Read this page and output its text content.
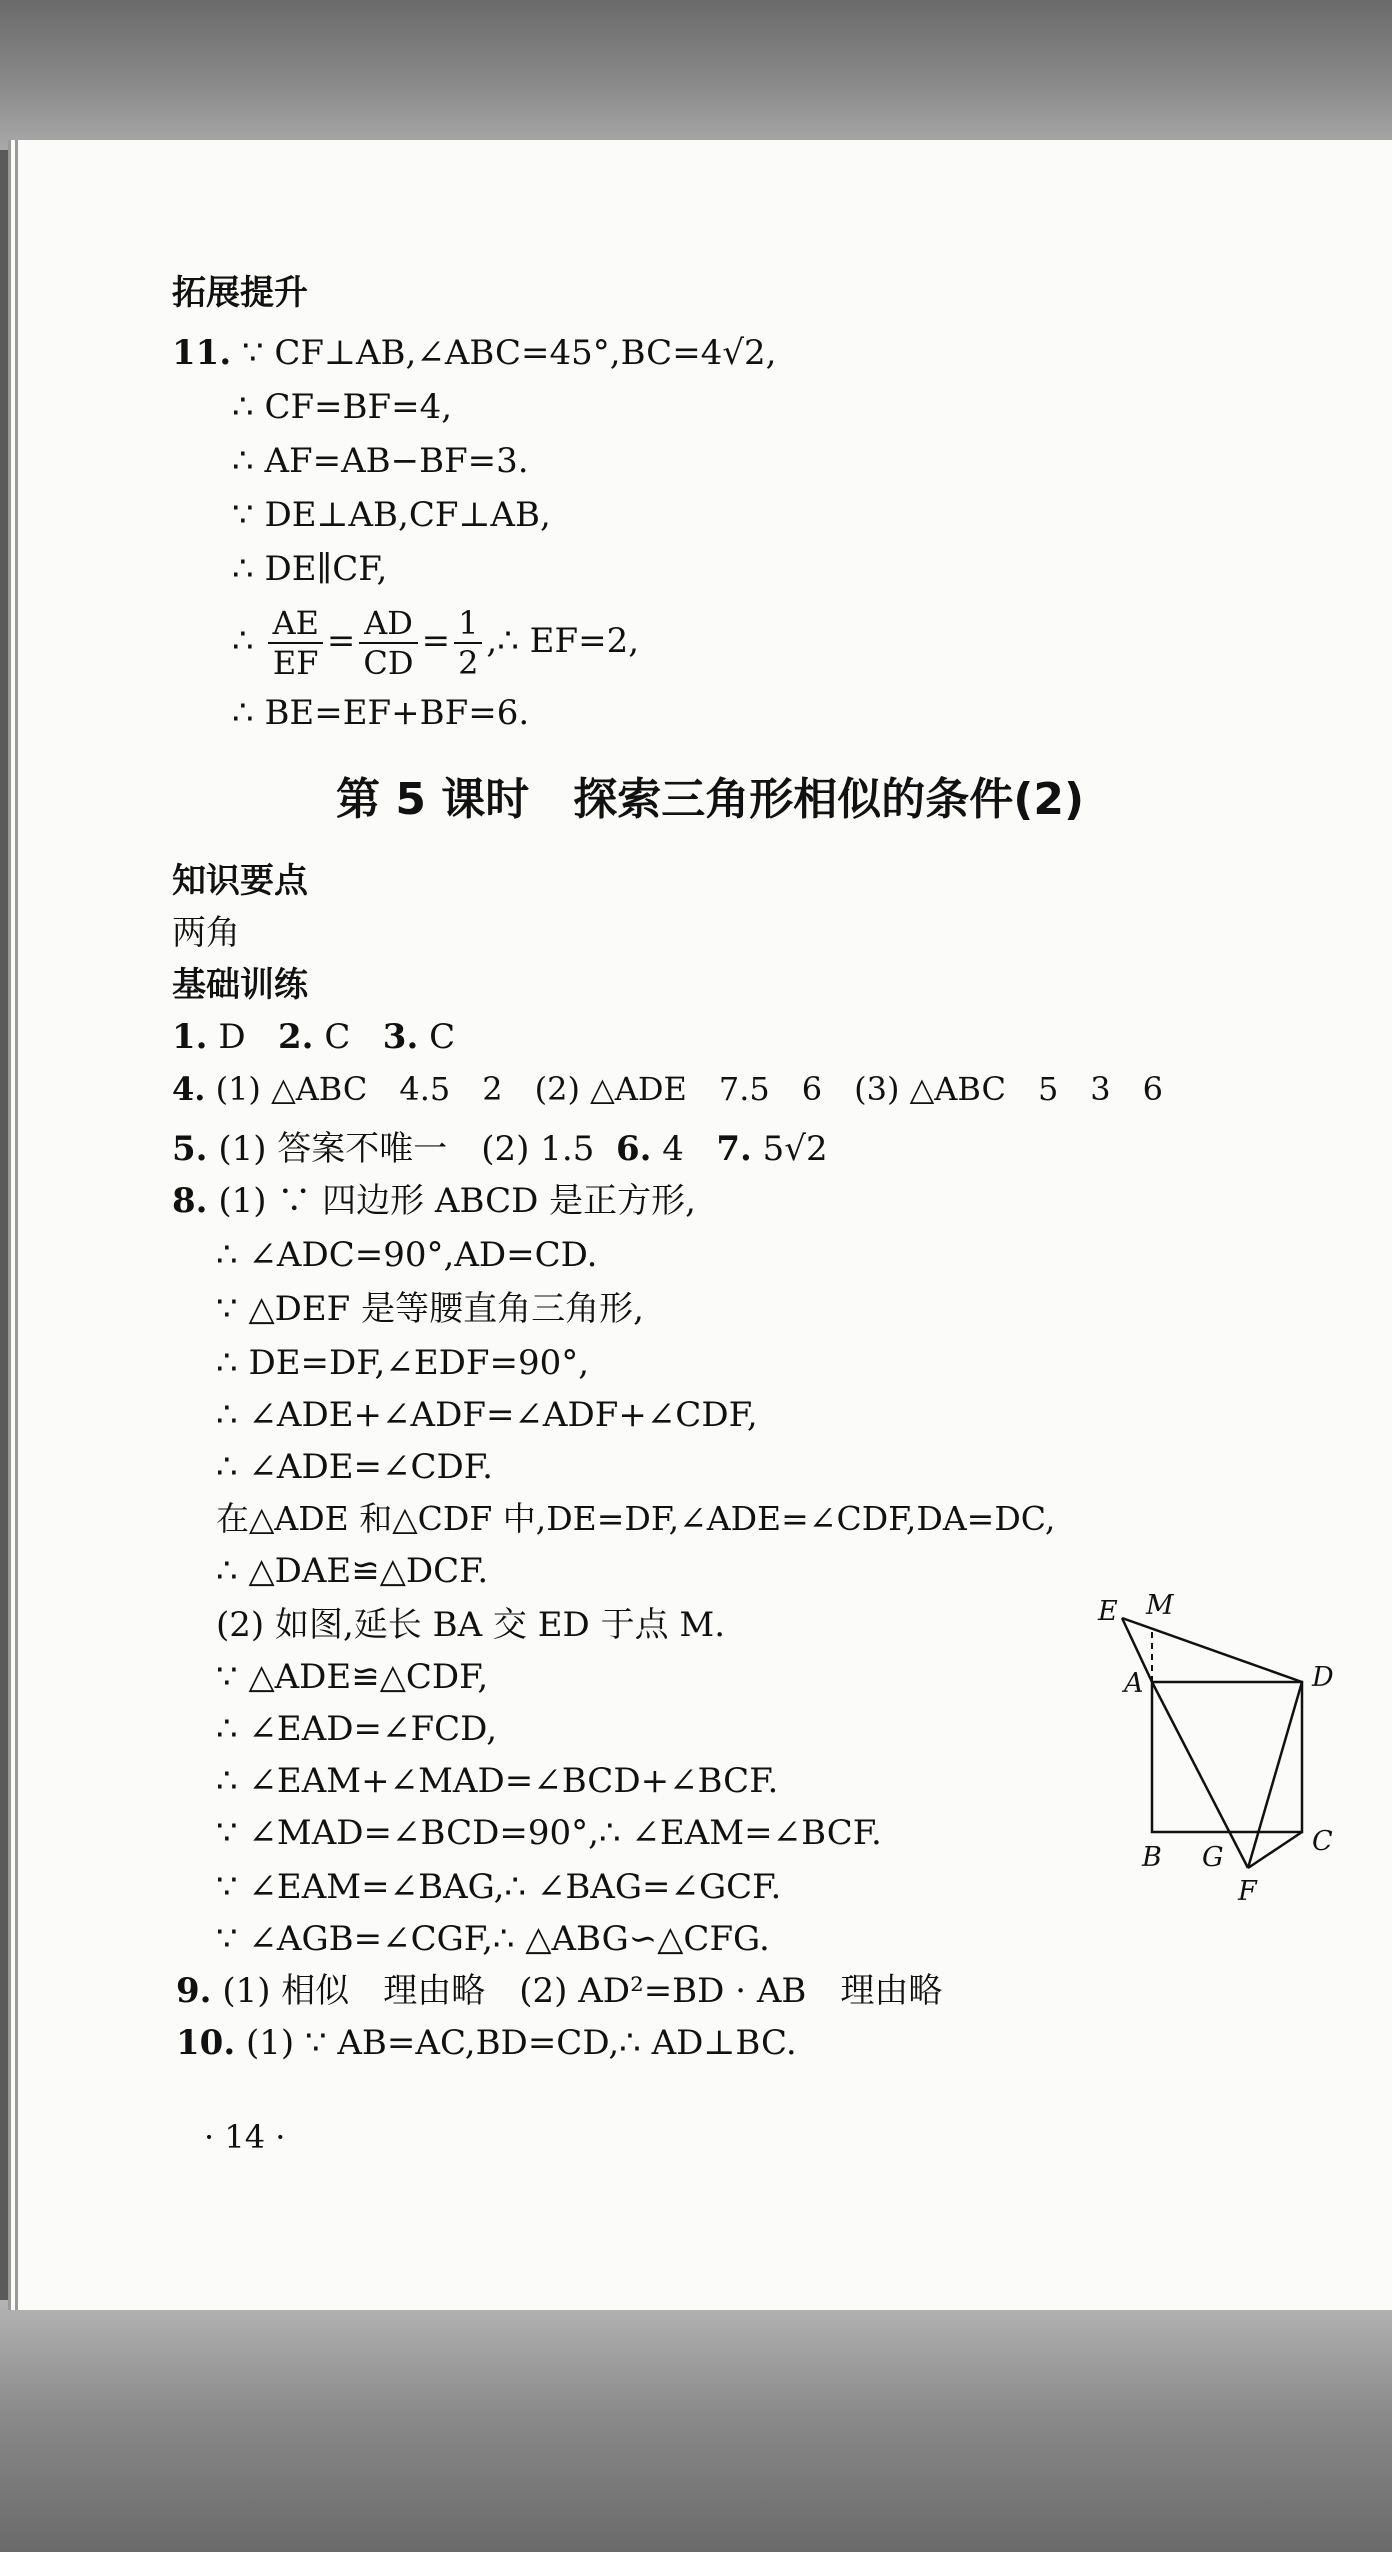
拓展提升
11. ∵ CF⊥AB,∠ABC=45°,BC=4√2,
∴ CF=BF=4,
∴ AF=AB−BF=3.
∵ DE⊥AB,CF⊥AB,
∴ DE∥CF,
∴ $\frac{AE}{EF} = \frac{AD}{CD} = \frac{1}{2}$ ,∴ EF=2,
∴ BE=EF+BF=6.
第 5 课时　探索三角形相似的条件(2)
知识要点
两角
基础训练
1. D 2. C 3. C
4. (1) △ABC　4.5　2　(2) △ADE　7.5　6　(3) △ABC　5　3　6
5. (1) 答案不唯一　(2) 1.5 6. 4 7. 5√2
8. (1) ∵ 四边形 ABCD 是正方形,
∴ ∠ADC=90°,AD=CD.
∵ △DEF 是等腰直角三角形,
∴ DE=DF,∠EDF=90°,
∴ ∠ADE+∠ADF=∠ADF+∠CDF,
∴ ∠ADE=∠CDF.
在△ADE 和△CDF 中,DE=DF,∠ADE=∠CDF,DA=DC,
∴ △DAE≌△DCF.
(2) 如图,延长 BA 交 ED 于点 M.
∵ △ADE≌△CDF,
∴ ∠EAD=∠FCD,
∴ ∠EAM+∠MAD=∠BCD+∠BCF.
∵ ∠MAD=∠BCD=90°,∴ ∠EAM=∠BCF.
∵ ∠EAM=∠BAG,∴ ∠BAG=∠GCF.
∵ ∠AGB=∠CGF,∴ △ABG∽△CFG.
E M
A	D
B G
C
F
9. (1) 相似　理由略　(2) AD²=BD · AB　理由略
10. (1) ∵ AB=AC,BD=CD,∴ AD⊥BC.
· 14 ·
